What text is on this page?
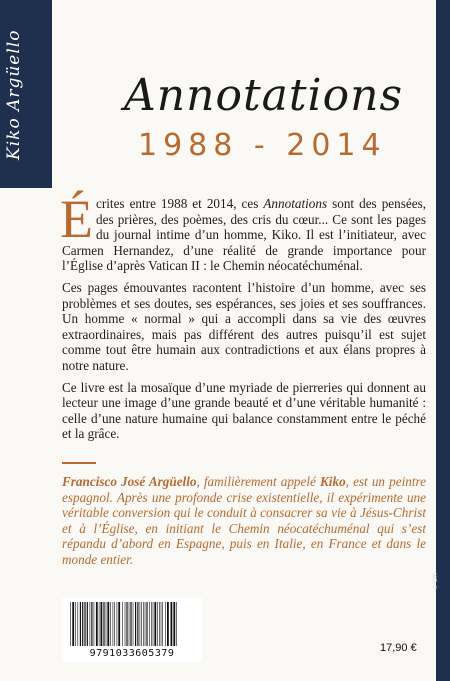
Kiko Argüello
© DR
Annotations
1988 - 2014

Écrites entre 1988 et 2014, ces Annotations sont des pensées, des prières, des poèmes, des cris du cœur... Ce sont les pages du journal intime d’un homme, Kiko. Il est l’initiateur, avec Carmen Hernandez, d’une réalité de grande importance pour l’Église d’après Vatican II : le Chemin néocatéchuménal.

Ces pages émouvantes racontent l’histoire d’un homme, avec ses problèmes et ses doutes, ses espérances, ses joies et ses souffrances. Un homme « normal » qui a accompli dans sa vie des œuvres extraordinaires, mais pas différent des autres puisqu’il est sujet comme tout être humain aux contradictions et aux élans propres à notre nature.

Ce livre est la mosaïque d’une myriade de pierreries qui donnent au lecteur une image d’une grande beauté et d’une véritable humanité : celle d’une nature humaine qui balance constamment entre le péché et la grâce.

Francisco José Argüello, familièrement appelé Kiko, est un peintre espagnol. Après une profonde crise existentielle, il expérimente une véritable conversion qui le conduit à consacrer sa vie à Jésus-Christ et à l’Église, en initiant le Chemin néocatéchuménal qui s’est répandu d’abord en Espagne, puis en Italie, en France et dans le monde entier.
9791033605379	17,90 €
